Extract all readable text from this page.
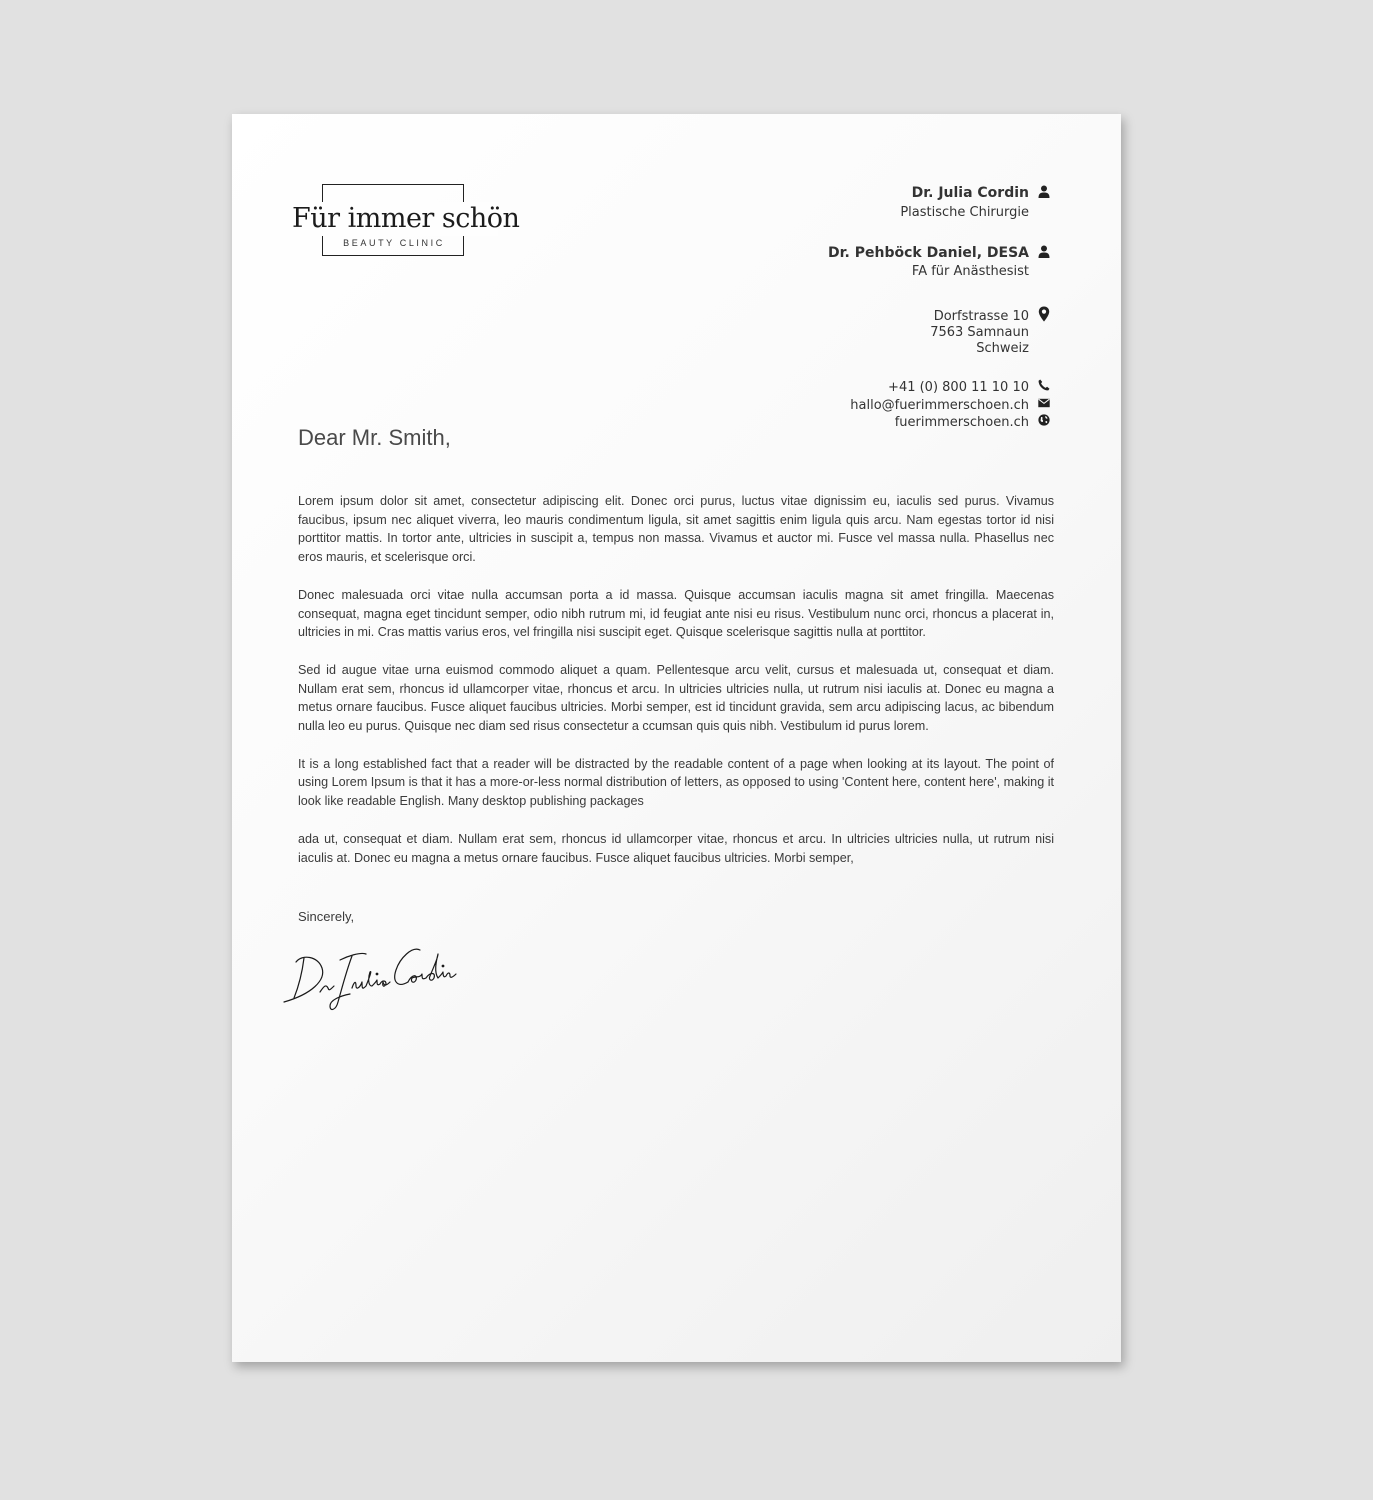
Für immer schön
BEAUTY CLINIC
Dr. Julia Cordin
Plastische Chirurgie
Dr. Pehböck Daniel, DESA
FA für Anästhesist
Dorfstrasse 10
7563 Samnaun
Schweiz
+41 (0) 800 11 10 10
hallo@fuerimmerschoen.ch
fuerimmerschoen.ch
Dear Mr. Smith,

Lorem ipsum dolor sit amet, consectetur adipiscing elit. Donec orci purus, luctus vitae dignissim eu, iaculis sed purus. Vivamus faucibus, ipsum nec aliquet viverra, leo mauris condimentum ligula, sit amet sagittis enim ligula quis arcu. Nam egestas tortor id nisi porttitor mattis. In tortor ante, ultricies in suscipit a, tempus non massa. Vivamus et auctor mi. Fusce vel massa nulla. Phasellus nec eros mauris, et scelerisque orci.

Donec malesuada orci vitae nulla accumsan porta a id massa. Quisque accumsan iaculis magna sit amet fringilla. Maecenas consequat, magna eget tincidunt semper, odio nibh rutrum mi, id feugiat ante nisi eu risus. Vestibulum nunc orci, rhoncus a placerat in, ultricies in mi. Cras mattis varius eros, vel fringilla nisi suscipit eget. Quisque scelerisque sagittis nulla at porttitor.

Sed id augue vitae urna euismod commodo aliquet a quam. Pellentesque arcu velit, cursus et malesuada ut, consequat et diam. Nullam erat sem, rhoncus id ullamcorper vitae, rhoncus et arcu. In ultricies ultricies nulla, ut rutrum nisi iaculis at. Donec eu magna a metus ornare faucibus. Fusce aliquet faucibus ultricies. Morbi semper, est id tincidunt gravida, sem arcu adipiscing lacus, ac bibendum nulla leo eu purus. Quisque nec diam sed risus consectetur a ccumsan quis quis nibh. Vestibulum id purus lorem.

It is a long established fact that a reader will be distracted by the readable content of a page when looking at its layout. The point of using Lorem Ipsum is that it has a more-or-less normal distribution of letters, as opposed to using 'Content here, content here', making it look like readable English. Many desktop publishing packages

ada ut, consequat et diam. Nullam erat sem, rhoncus id ullamcorper vitae, rhoncus et arcu. In ultricies ultricies nulla, ut rutrum nisi iaculis at. Donec eu magna a metus ornare faucibus. Fusce aliquet faucibus ultricies. Morbi semper,

Sincerely,
